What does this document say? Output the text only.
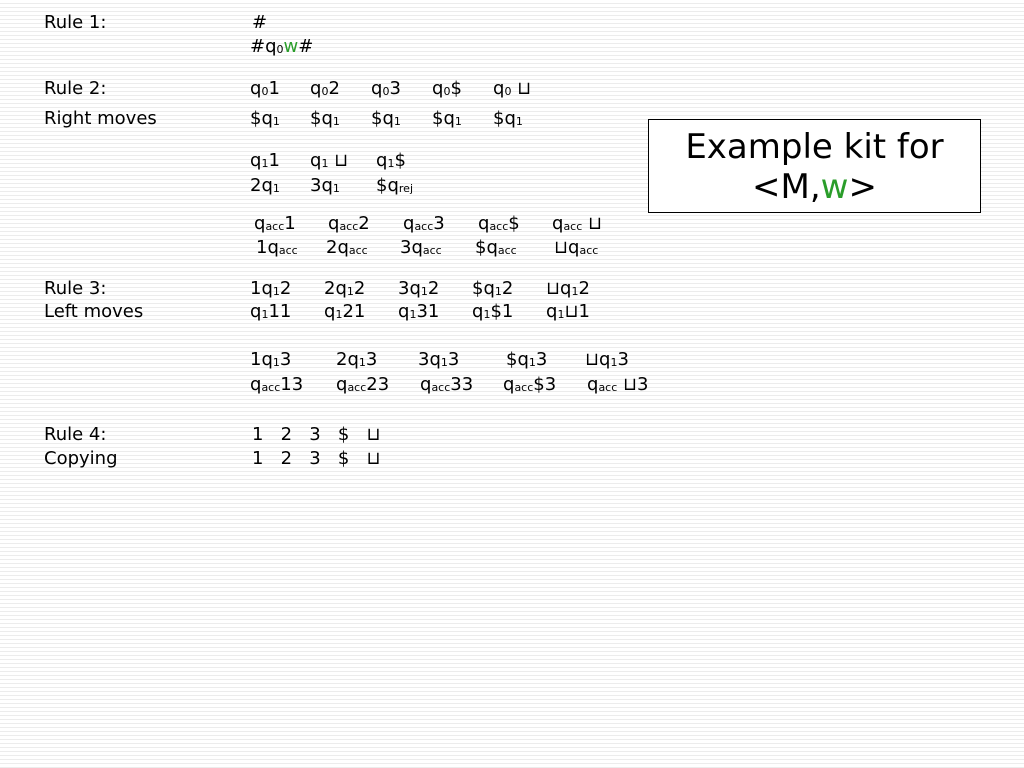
Rule 1:	#
$\#q_0w\#$
Rule 2:
Right moves
$q_01$ $q_02$ $q_03$ $q_0\$$ $q_0$ ⊔
$\$q_1$ $\$q_1$ $\$q_1$ $\$q_1$ $\$q_1$
$q_11$ $q_1$ ⊔ $q_1\$$
$2q_1$ $3q_1$ $\$q_{rej}$
$q_{acc}1$ $q_{acc}2$ $q_{acc}3$ $q_{acc}\$$ $q_{acc}$ ⊔
$1q_{acc}$ $2q_{acc}$ $3q_{acc}$ $\$q_{acc}$ $⊔q_{acc}$
Rule 3:
Left moves
$1q_12$ $2q_12$ $3q_12$ $\$q_12$ $⊔q_12$
$q_111$ $q_121$ $q_131$ $q_1\$1$ $q_1⊔1$
$1q_13$ $2q_13$ $3q_13$	$\$q_13$ $⊔q_13$
$q_{acc}13$ $q_{acc}23$ $q_{acc}33$ $q_{acc}\$3$ $q_{acc}$ ⊔3
Rule 4:
Copying
1   2   3   $   ⊔
1   2   3   $   ⊔
Example kit for
<M,w>
